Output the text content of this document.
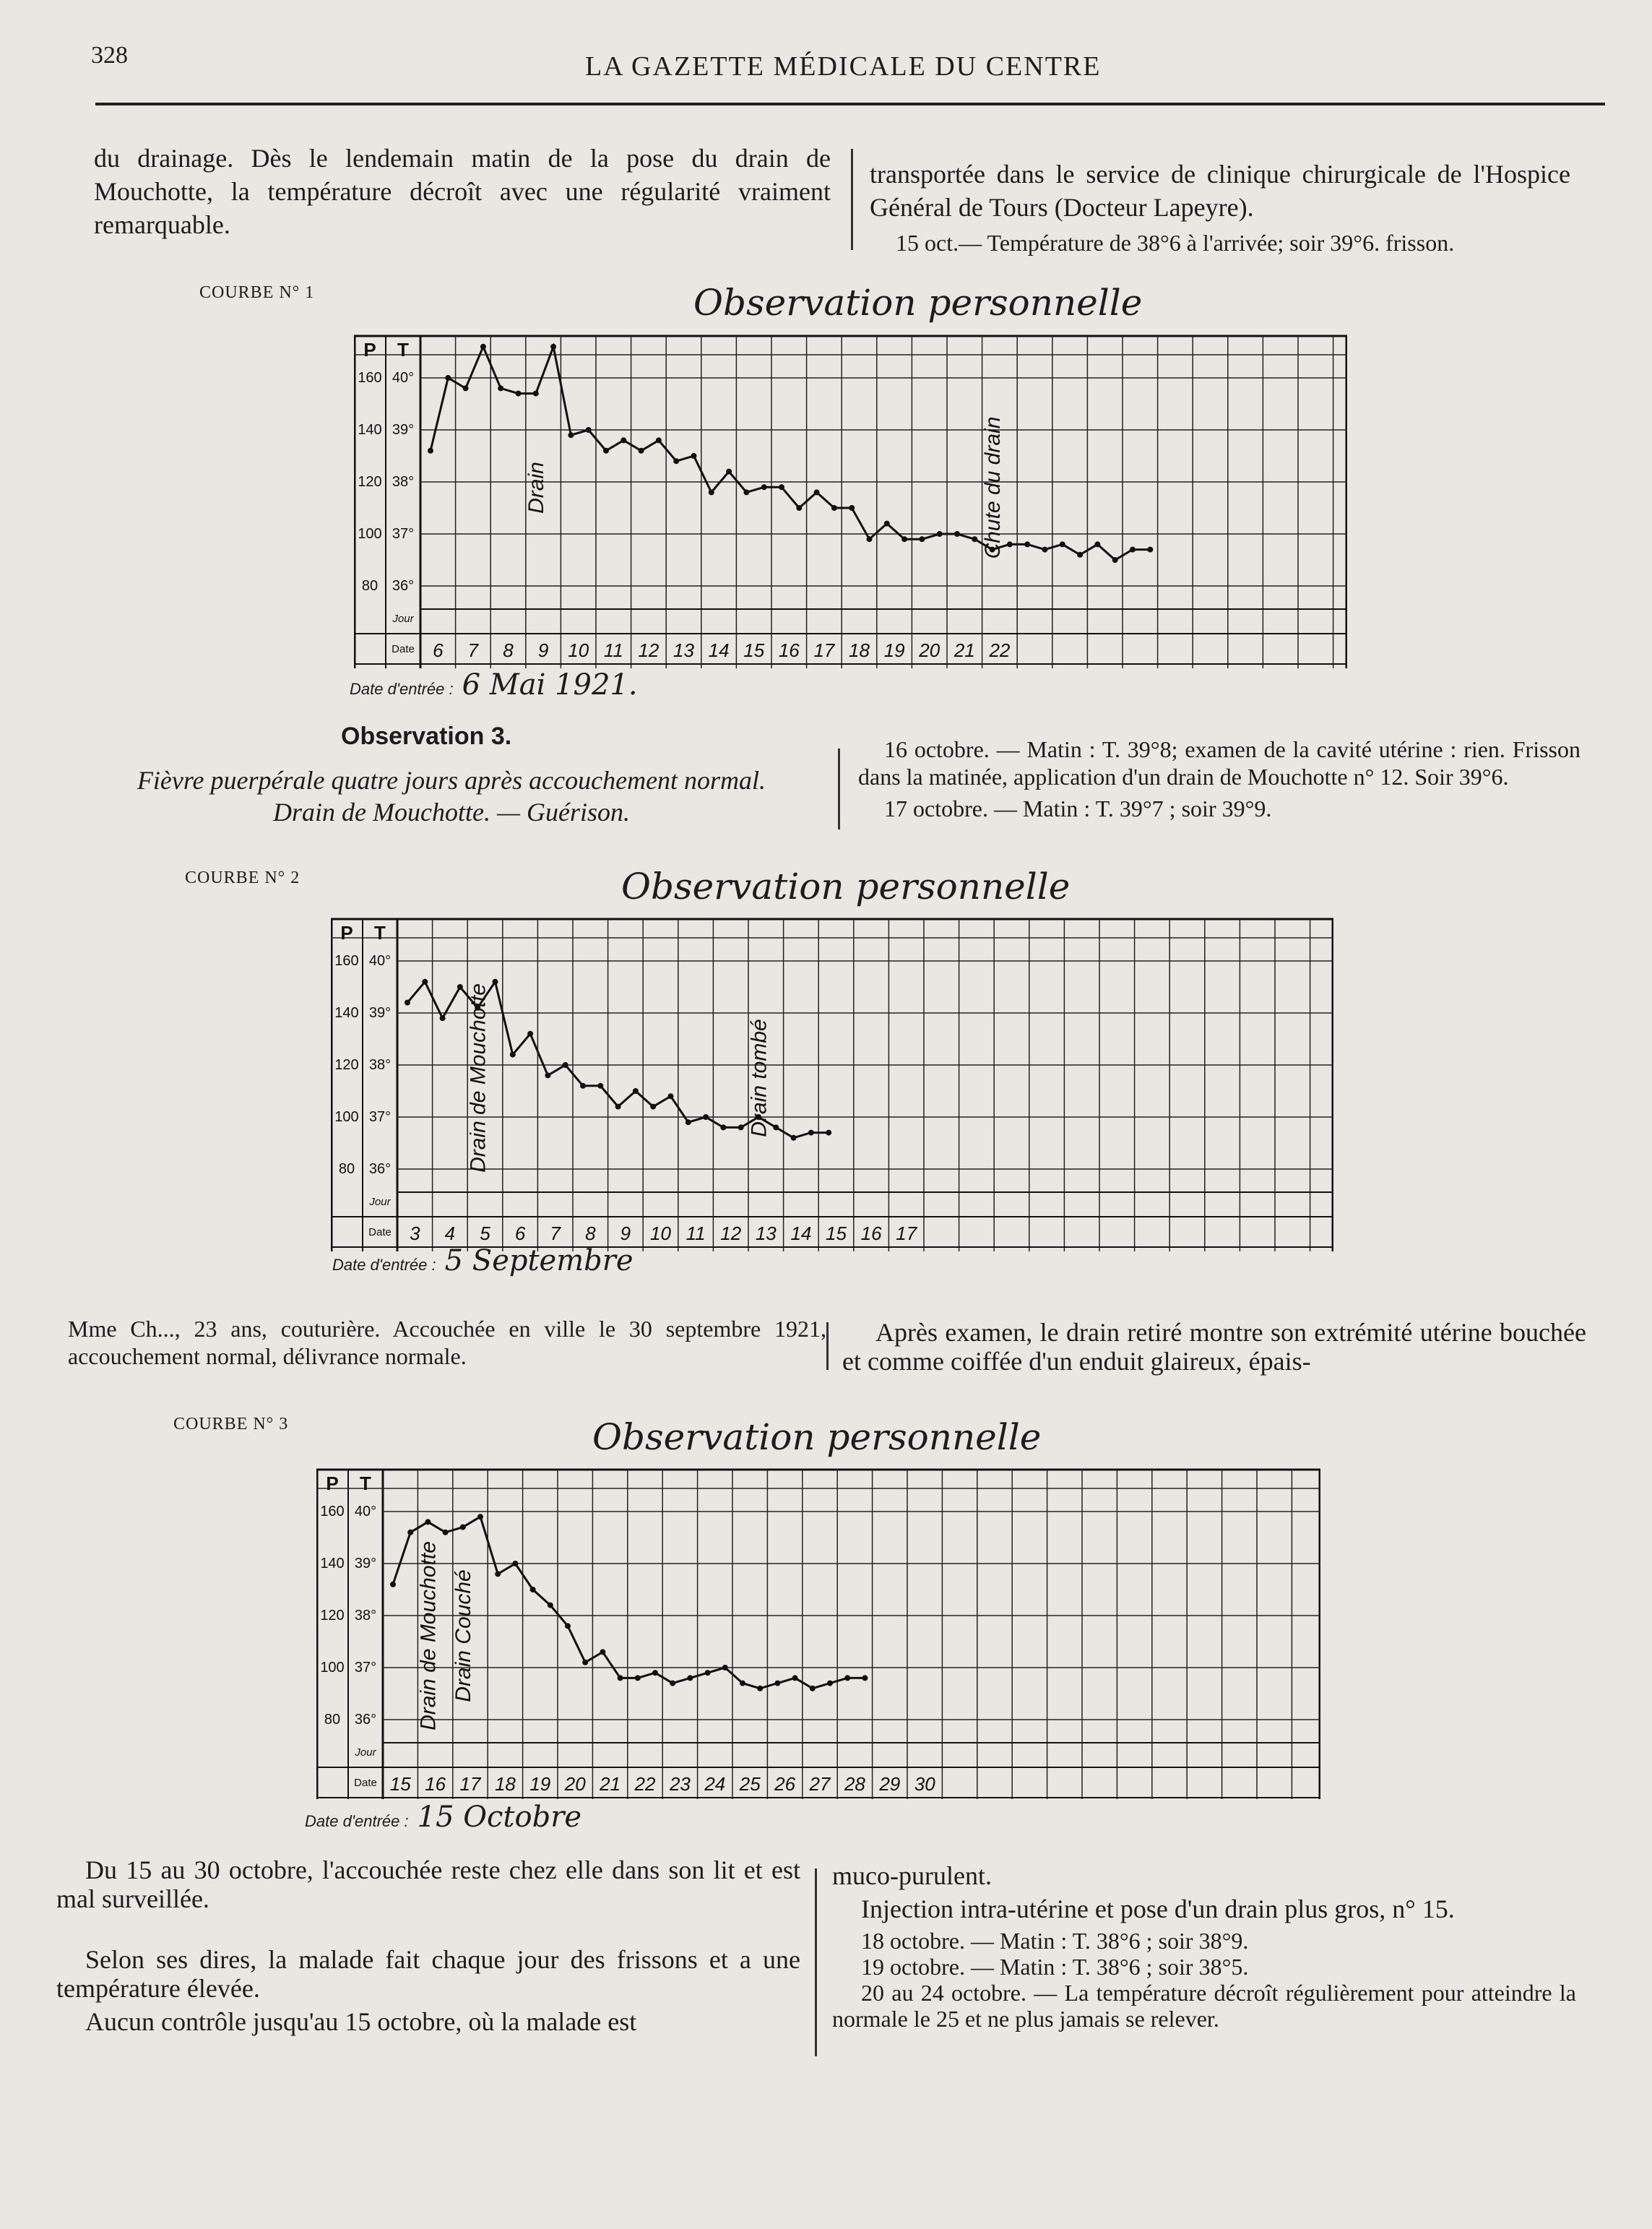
328	LA GAZETTE MÉDICALE DU CENTRE
du drainage. Dès le lendemain matin de la pose du drain de Mouchotte, la température décroît avec une régularité vraiment remarquable.

transportée dans le service de clinique chirurgicale de l'Hospice Général de Tours (Docteur Lapeyre).

15 oct.— Température de 38°6 à l'arrivée; soir 39°6. frisson.

COURBE N° 1	Observation personnelle
P T
160
140
120
100
80
40°
39°
38°
37°
36°
Jour
Date 6 7 8 9 10 11 12 13 14 15 16 17 18 19 20 21 22
Drain	Chute du drain
Date d'entrée : 6 Mai 1921.
Observation 3.
Fièvre puerpérale quatre jours après accouchement normal.
Drain de Mouchotte. — Guérison.

16 octobre. — Matin : T. 39°8; examen de la cavité utérine : rien. Frisson dans la matinée, application d'un drain de Mouchotte n° 12. Soir 39°6.

17 octobre. — Matin : T. 39°7 ; soir 39°9.

COURBE N° 2	Observation personnelle
P T
160
140
120
100
80
40°
39°
38°
37°
36°
Jour
Date 3 4 5 6 7 8 9 10 11 12 13 14 15 16 17
Drain de Mouchotte	Drain tombé
Date d'entrée : 5 Septembre
Mme Ch..., 23 ans, couturière. Accouchée en ville le 30 septembre 1921, accouchement normal, délivrance normale.
Après examen, le drain retiré montre son extrémité utérine bouchée et comme coiffée d'un enduit glaireux, épais-
COURBE N° 3	Observation personnelle
P T
160
140
120
100
80
40°
39°
38°
37°
36°
Jour
Date 15 16 17 18 19 20 21 22 23 24 25 26 27 28 29 30
Drain de Mouchotte Drain Couché
Date d'entrée : 15 Octobre

Du 15 au 30 octobre, l'accouchée reste chez elle dans son lit et est mal surveillée.

Selon ses dires, la malade fait chaque jour des frissons et a une température élevée.

Aucun contrôle jusqu'au 15 octobre, où la malade est

muco-purulent.

Injection intra-utérine et pose d'un drain plus gros, n° 15.

18 octobre. — Matin : T. 38°6 ; soir 38°9.

19 octobre. — Matin : T. 38°6 ; soir 38°5.

20 au 24 octobre. — La température décroît régulièrement pour atteindre la normale le 25 et ne plus jamais se relever.
